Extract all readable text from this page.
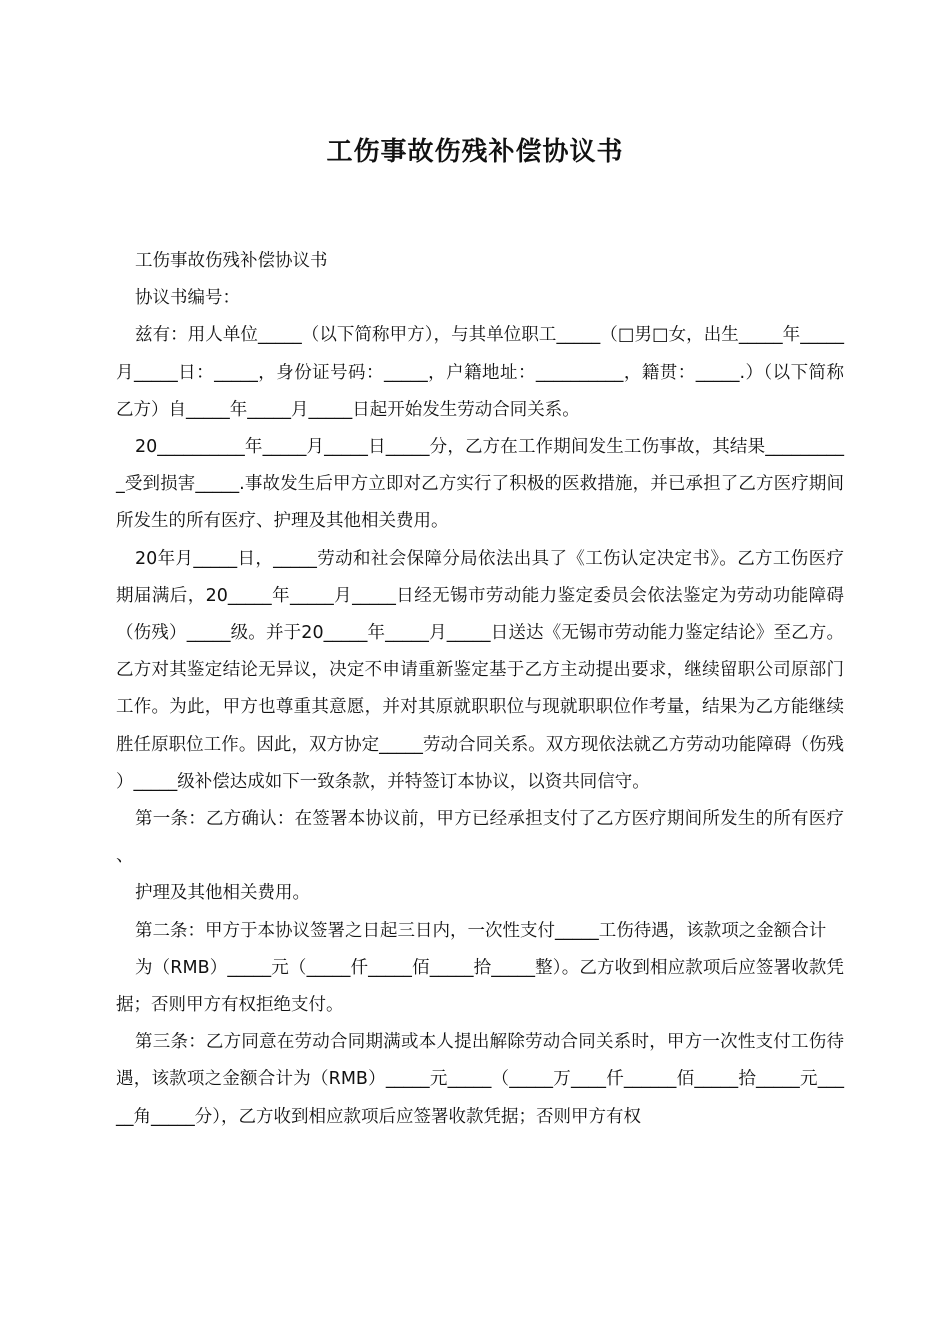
工伤事故伤残补偿协议书

工伤事故伤残补偿协议书

协议书编号：

兹有：用人单位_____（以下简称甲方），与其单位职工_____（□男□女，出生_____年_____月_____日：_____，身份证号码：_____，户籍地址：__________，籍贯：_____.）（以下简称乙方）自_____年_____月_____日起开始发生劳动合同关系。

20__________年_____月_____日_____分，乙方在工作期间发生工伤事故，其结果__________受到损害_____.事故发生后甲方立即对乙方实行了积极的医救措施，并已承担了乙方医疗期间所发生的所有医疗、护理及其他相关费用。

20年月_____日，_____劳动和社会保障分局依法出具了《工伤认定决定书》。乙方工伤医疗期届满后，20_____年_____月_____日经无锡市劳动能力鉴定委员会依法鉴定为劳动功能障碍（伤残）_____级。并于20_____年_____月_____日送达《无锡市劳动能力鉴定结论》至乙方。乙方对其鉴定结论无异议，决定不申请重新鉴定基于乙方主动提出要求，继续留职公司原部门工作。为此，甲方也尊重其意愿，并对其原就职职位与现就职职位作考量，结果为乙方能继续胜任原职位工作。因此，双方协定_____劳动合同关系。双方现依法就乙方劳动功能障碍（伤残）_____级补偿达成如下一致条款，并特签订本协议，以资共同信守。

第一条：乙方确认：在签署本协议前，甲方已经承担支付了乙方医疗期间所发生的所有医疗、

护理及其他相关费用。

第二条：甲方于本协议签署之日起三日内，一次性支付_____工伤待遇，该款项之金额合计

为（RMB）_____元（_____仟_____佰_____拾_____整）。乙方收到相应款项后应签署收款凭据；否则甲方有权拒绝支付。

第三条：乙方同意在劳动合同期满或本人提出解除劳动合同关系时，甲方一次性支付工伤待遇，该款项之金额合计为（RMB）_____元_____（_____万____仟______佰_____拾_____元_____角_____分），乙方收到相应款项后应签署收款凭据；否则甲方有权
